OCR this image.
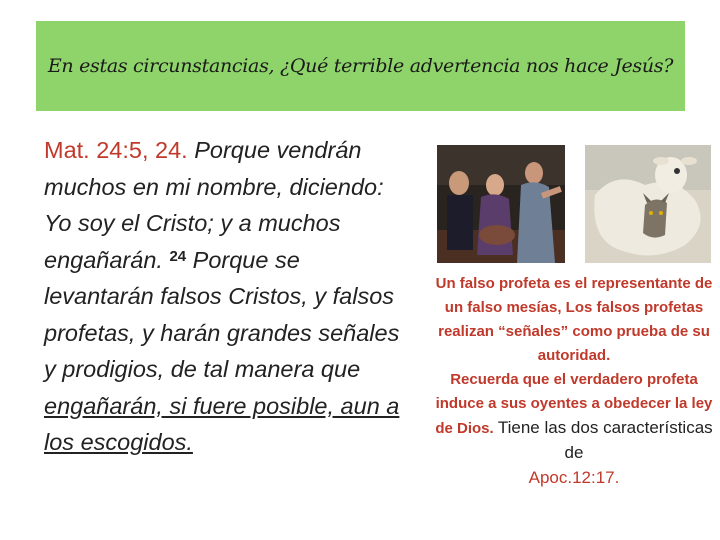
En estas circunstancias, ¿Qué terrible advertencia nos hace Jesús?
Mat. 24:5, 24. Porque vendrán muchos en mi nombre, diciendo: Yo soy el Cristo; y a muchos engañarán. $^{24}$ Porque se levantarán falsos Cristos, y falsos profetas, y harán grandes señales y prodigios, de tal manera que engañarán, si fuere posible, aun a los escogidos.
Un falso profeta es el representante de un falso mesías, Los falsos profetas realizan “señales” como prueba de su autoridad.
Recuerda que el verdadero profeta induce a sus oyentes a obedecer la ley de Dios. Tiene las dos características de
Apoc.12:17.
